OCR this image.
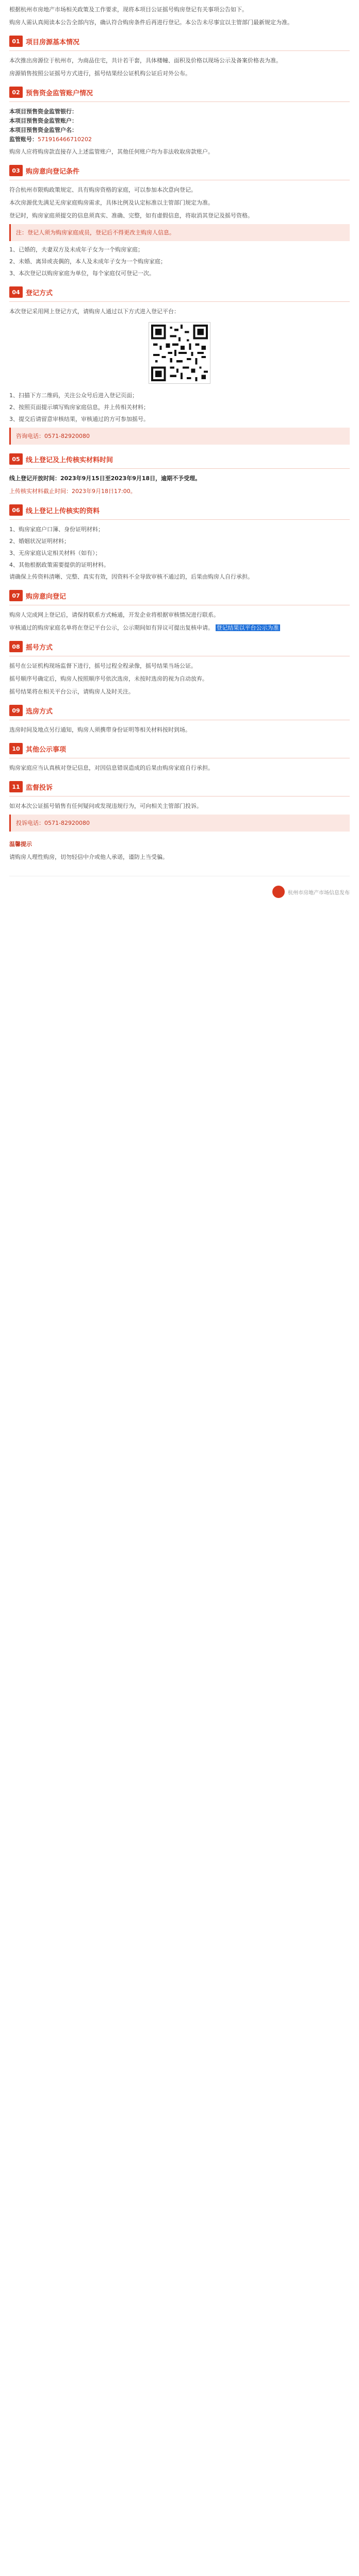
根据杭州市房地产市场相关政策及工作要求，现将本项目公证摇号购房登记有关事项公告如下。

购房人需认真阅读本公告全部内容，确认符合购房条件后再进行登记。本公告未尽事宜以主管部门最新规定为准。

01 项目房源基本情况

本次推出房源位于杭州市，为商品住宅，共计若干套，具体楼幢、面积及价格以现场公示及备案价格表为准。

房源销售按照公证摇号方式进行，摇号结果经公证机构公证后对外公布。

02 预售资金监管账户情况
本项目预售资金监管银行：
本项目预售资金监管账户：
本项目预售资金监管户名：
监管账号：571916466710202

购房人应将购房款直接存入上述监管账户，其他任何账户均为非法收取房款账户。

03 购房意向登记条件

符合杭州市限购政策规定、具有购房资格的家庭，可以参加本次意向登记。

本次房源优先满足无房家庭购房需求，具体比例及认定标准以主管部门规定为准。

登记时，购房家庭须提交的信息须真实、准确、完整，如有虚假信息，将取消其登记及摇号资格。

注：登记人须为购房家庭成员，登记后不得更改主购房人信息。

1、已婚的，夫妻双方及未成年子女为一个购房家庭；

2、未婚、离异或丧偶的，本人及未成年子女为一个购房家庭；

3、本次登记以购房家庭为单位，每个家庭仅可登记一次。

04 登记方式

本次登记采用网上登记方式，请购房人通过以下方式进入登记平台：

1、扫描下方二维码，关注公众号后进入登记页面；

2、按照页面提示填写购房家庭信息，并上传相关材料；

3、提交后请留意审核结果，审核通过的方可参加摇号。

咨询电话：0571-82920080
05 线上登记及上传核实材料时间

线上登记开放时间：2023年9月15日至2023年9月18日，逾期不予受理。

上传核实材料截止时间：2023年9月18日17:00。

06 线上登记上传核实的资料

1、购房家庭户口簿、身份证明材料；

2、婚姻状况证明材料；

3、无房家庭认定相关材料（如有）；

4、其他根据政策需要提供的证明材料。

请确保上传资料清晰、完整、真实有效，因资料不全导致审核不通过的，后果由购房人自行承担。

07 购房意向登记

购房人完成网上登记后，请保持联系方式畅通，开发企业将根据审核情况进行联系。

审核通过的购房家庭名单将在登记平台公示，公示期间如有异议可提出复核申请。 登记结果以平台公示为准

08 摇号方式

摇号在公证机构现场监督下进行，摇号过程全程录像，摇号结果当场公证。

摇号顺序号确定后，购房人按照顺序号依次选房，未按时选房的视为自动放弃。

摇号结果将在相关平台公示，请购房人及时关注。

09 选房方式

选房时间及地点另行通知，购房人须携带身份证明等相关材料按时到场。

10 其他公示事项

购房家庭应当认真核对登记信息，对因信息错误造成的后果由购房家庭自行承担。

11 监督投诉

如对本次公证摇号销售有任何疑问或发现违规行为，可向相关主管部门投诉。

投诉电话：0571-82920080

温馨提示

请购房人理性购房，切勿轻信中介或他人承诺，谨防上当受骗。

杭州市房地产市场信息发布
